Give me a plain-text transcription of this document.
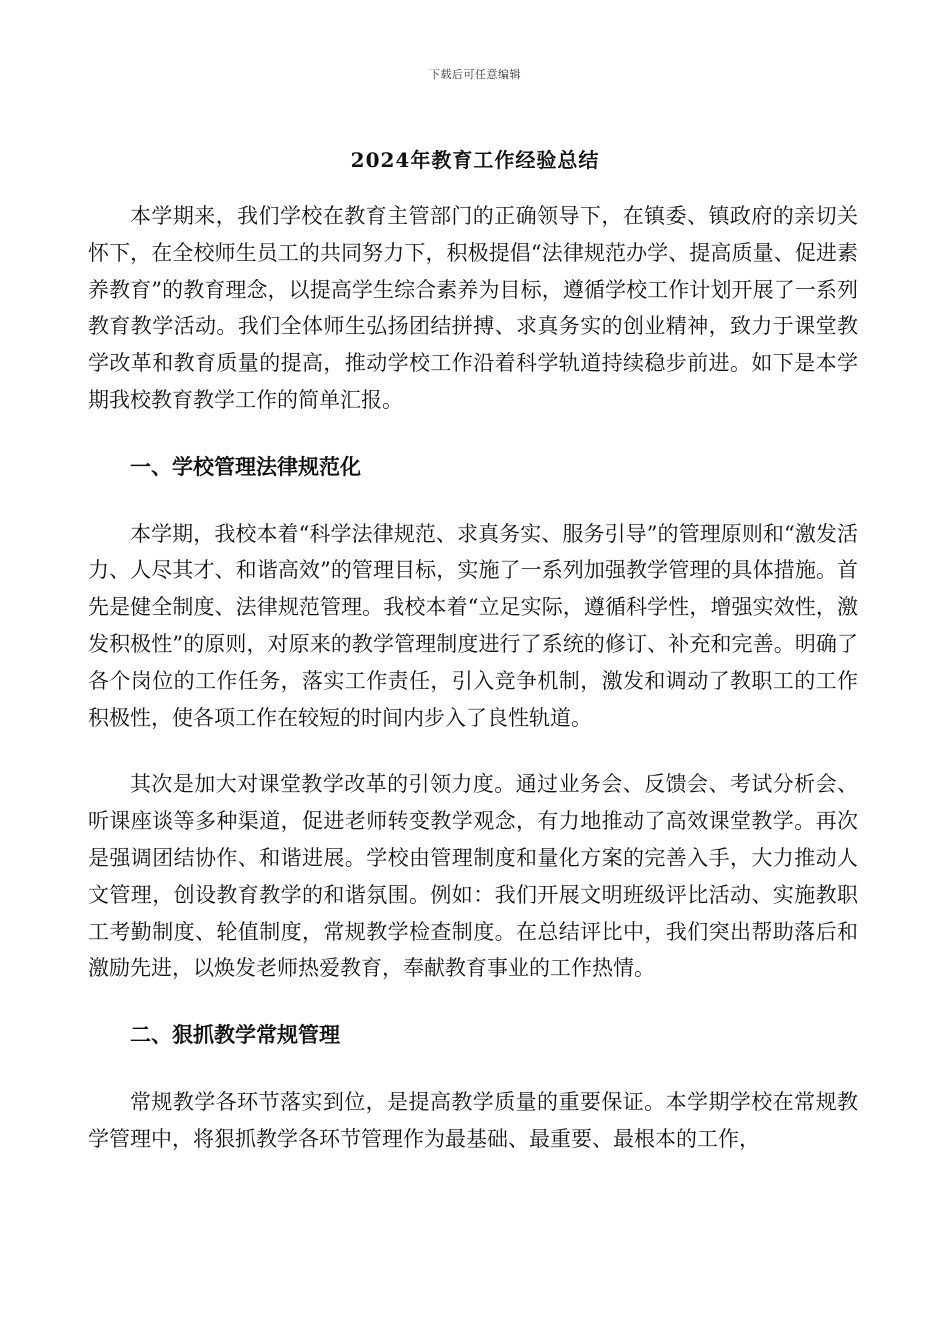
下载后可任意编辑
2024年教育工作经验总结

本学期来，我们学校在教育主管部门的正确领导下，在镇委、镇政府的亲切关怀下，在全校师生员工的共同努力下，积极提倡“法律规范办学、提高质量、促进素养教育”的教育理念，以提高学生综合素养为目标，遵循学校工作计划开展了一系列教育教学活动。我们全体师生弘扬团结拼搏、求真务实的创业精神，致力于课堂教学改革和教育质量的提高，推动学校工作沿着科学轨道持续稳步前进。如下是本学期我校教育教学工作的简单汇报。

一、学校管理法律规范化

本学期，我校本着“科学法律规范、求真务实、服务引导”的管理原则和“激发活力、人尽其才、和谐高效”的管理目标，实施了一系列加强教学管理的具体措施。首先是健全制度、法律规范管理。我校本着“立足实际，遵循科学性，增强实效性，激发积极性”的原则，对原来的教学管理制度进行了系统的修订、补充和完善。明确了各个岗位的工作任务，落实工作责任，引入竞争机制，激发和调动了教职工的工作积极性，使各项工作在较短的时间内步入了良性轨道。

其次是加大对课堂教学改革的引领力度。通过业务会、反馈会、考试分析会、听课座谈等多种渠道，促进老师转变教学观念，有力地推动了高效课堂教学。再次是强调团结协作、和谐进展。学校由管理制度和量化方案的完善入手，大力推动人文管理，创设教育教学的和谐氛围。例如：我们开展文明班级评比活动、实施教职工考勤制度、轮值制度，常规教学检查制度。在总结评比中，我们突出帮助落后和激励先进，以焕发老师热爱教育，奉献教育事业的工作热情。

二、狠抓教学常规管理

常规教学各环节落实到位，是提高教学质量的重要保证。本学期学校在常规教学管理中，将狠抓教学各环节管理作为最基础、最重要、最根本的工作，
